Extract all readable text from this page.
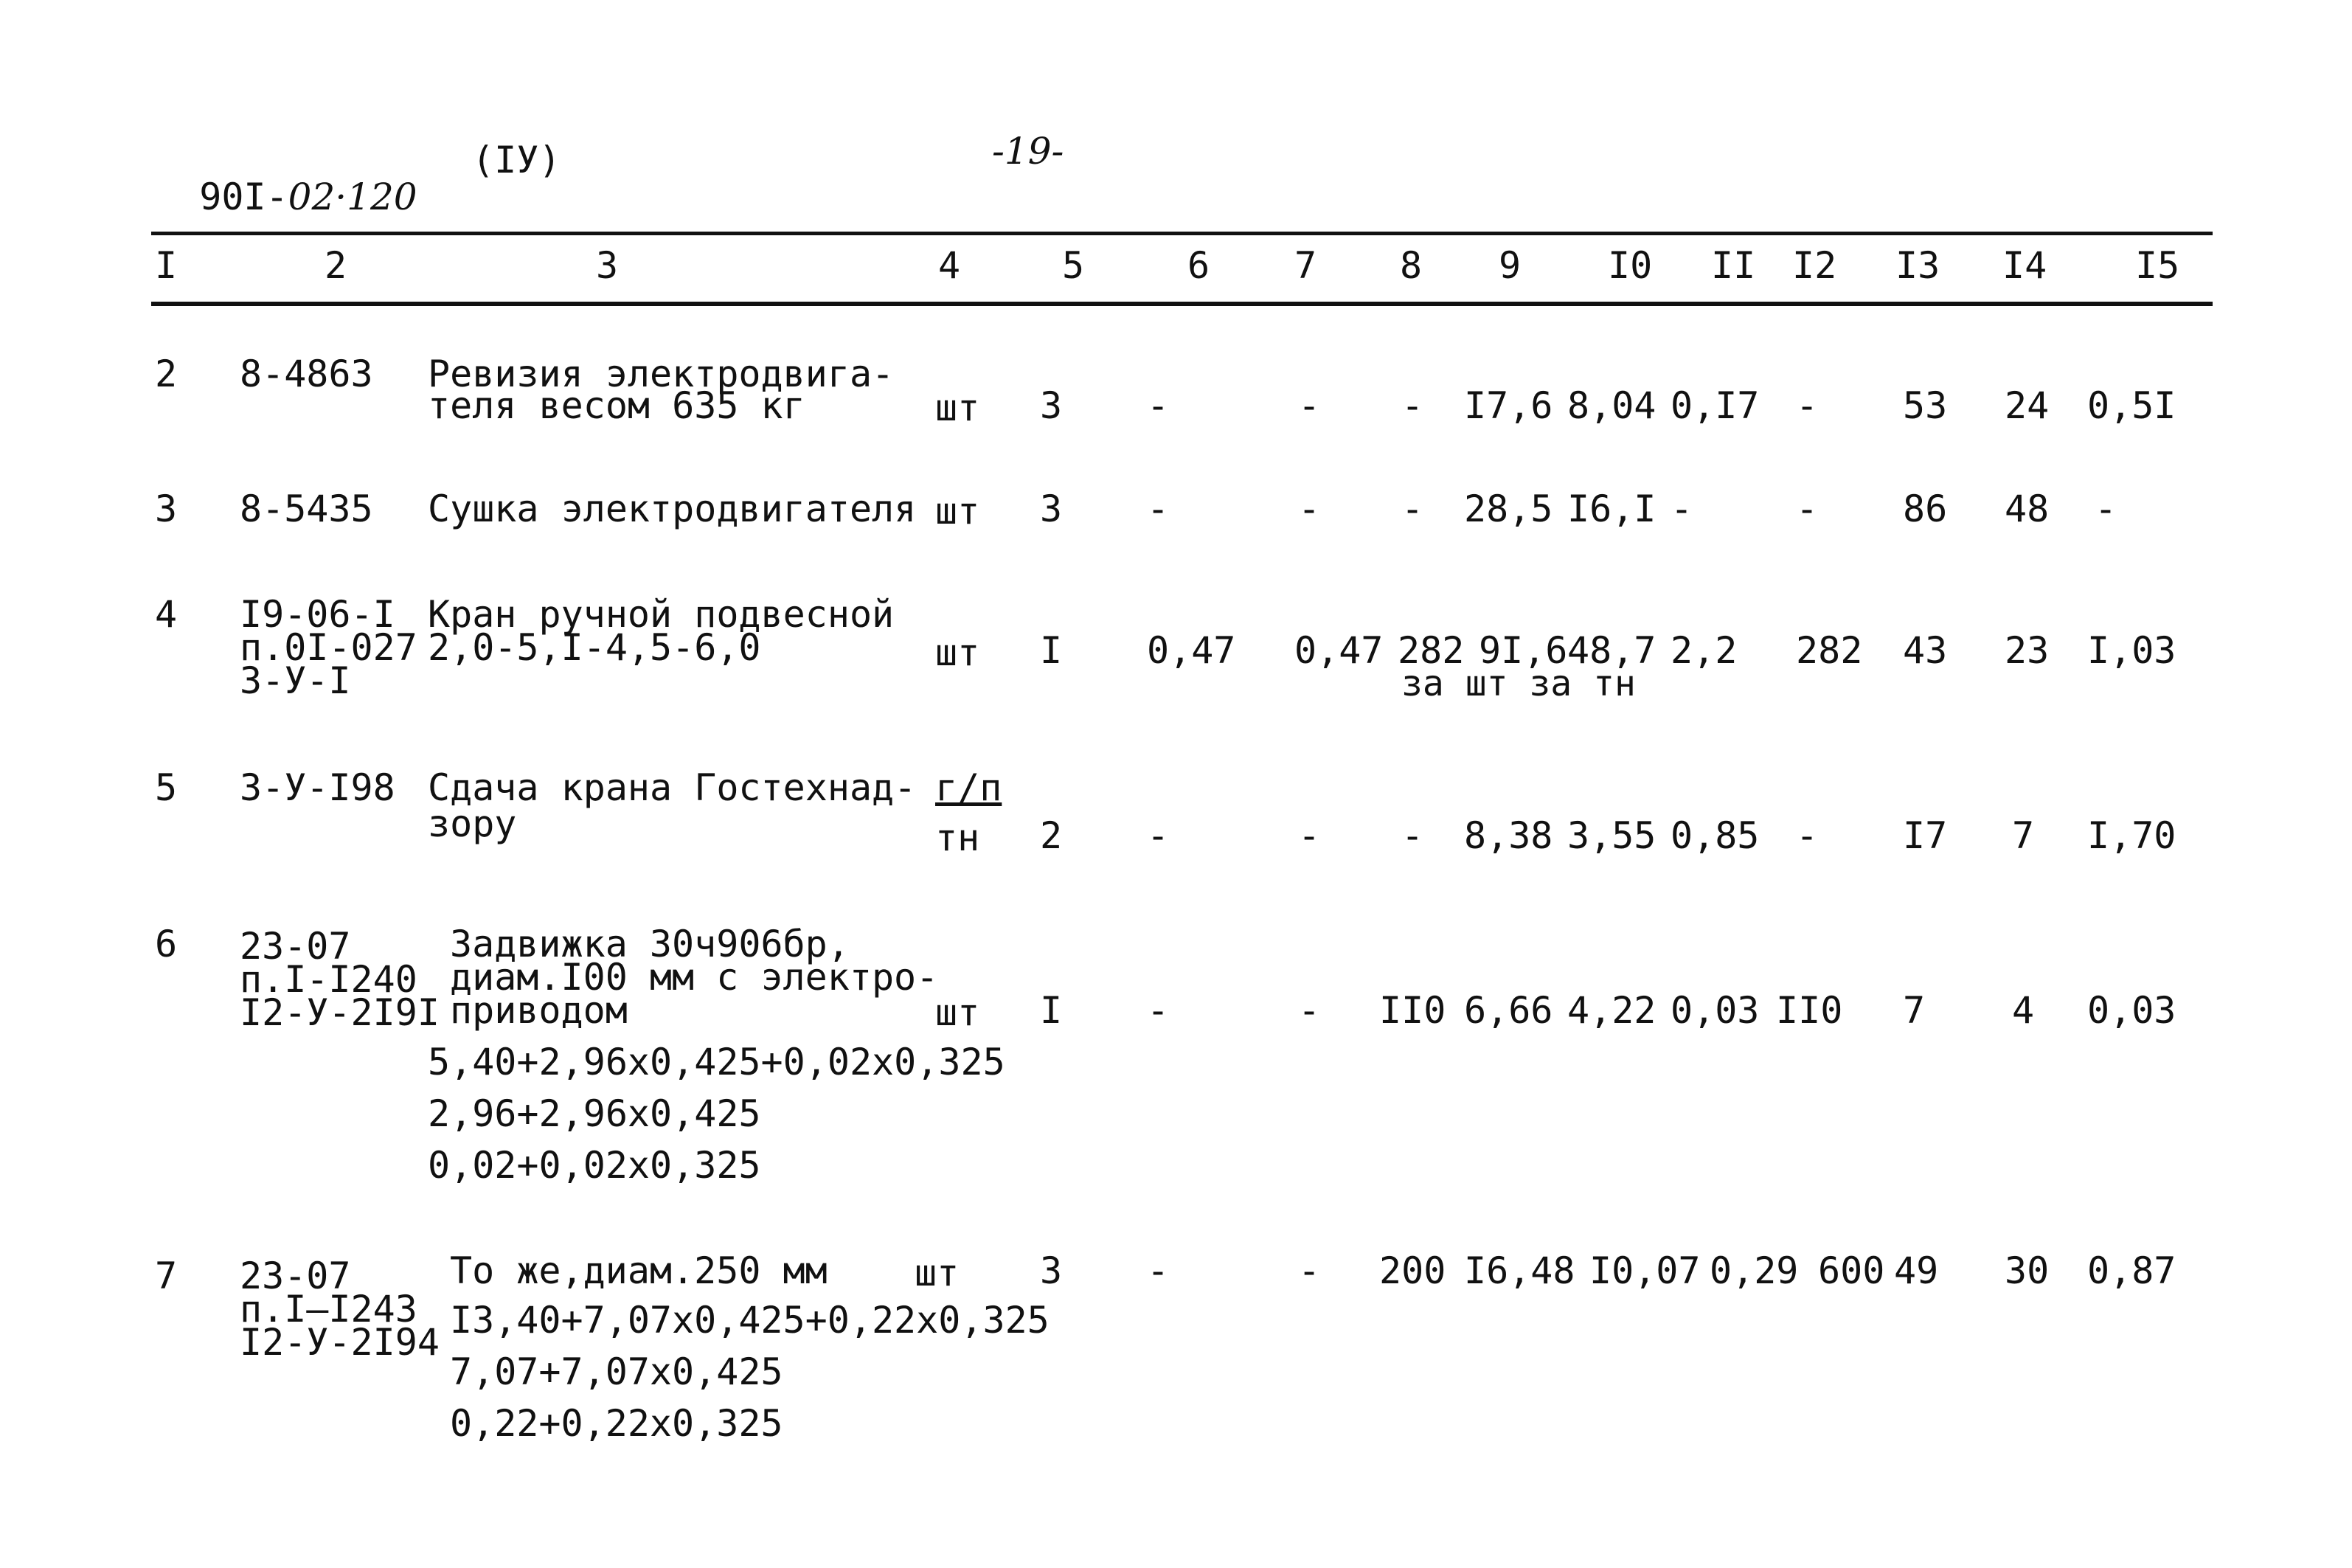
90I-02·120

(IУ)	-19-
I	2	3	4	5	6 7 8 9 I0 II I2 I3 I4 I5
2 8-4863 Ревизия электродвига-
теля весом 635 кг	шт 3 -	- - I7,6 8,04 0,I7 - 53 24 0,5I
3 8-5435 Сушка электродвигателя шт 3 -	- - 28,5 I6,I -	- 86 48 -
4 I9-06-I
п.0I-027
3-У-I
Кран ручной подвесной
2,0-5,I-4,5-6,0	шт I 0,47 0,47 282 9I,6 48,7 2,2 282 43 23 I,03
за шт за тн
5 3-У-I98 Сдача крана Гостехнад-
зору
г/п
тн 2 -	- - 8,38 3,55 0,85 - I7 7 I,70
6 23-07
п.I-I240
I2-У-2I9I
Задвижка 30ч906бр,
диам.I00 мм с электро-
приводом	шт I -	- II0 6,66 4,22 0,03 II0 7 4 0,03
5,40+2,96x0,425+0,02x0,325
2,96+2,96x0,425
0,02+0,02x0,325
7 23-07
п.I—I243
I2-У-2I94
То же,диам.250 мм шт 3 -	- 200 I6,48 I0,07 0,29 600 49 30 0,87
I3,40+7,07x0,425+0,22x0,325
7,07+7,07x0,425
0,22+0,22x0,325
